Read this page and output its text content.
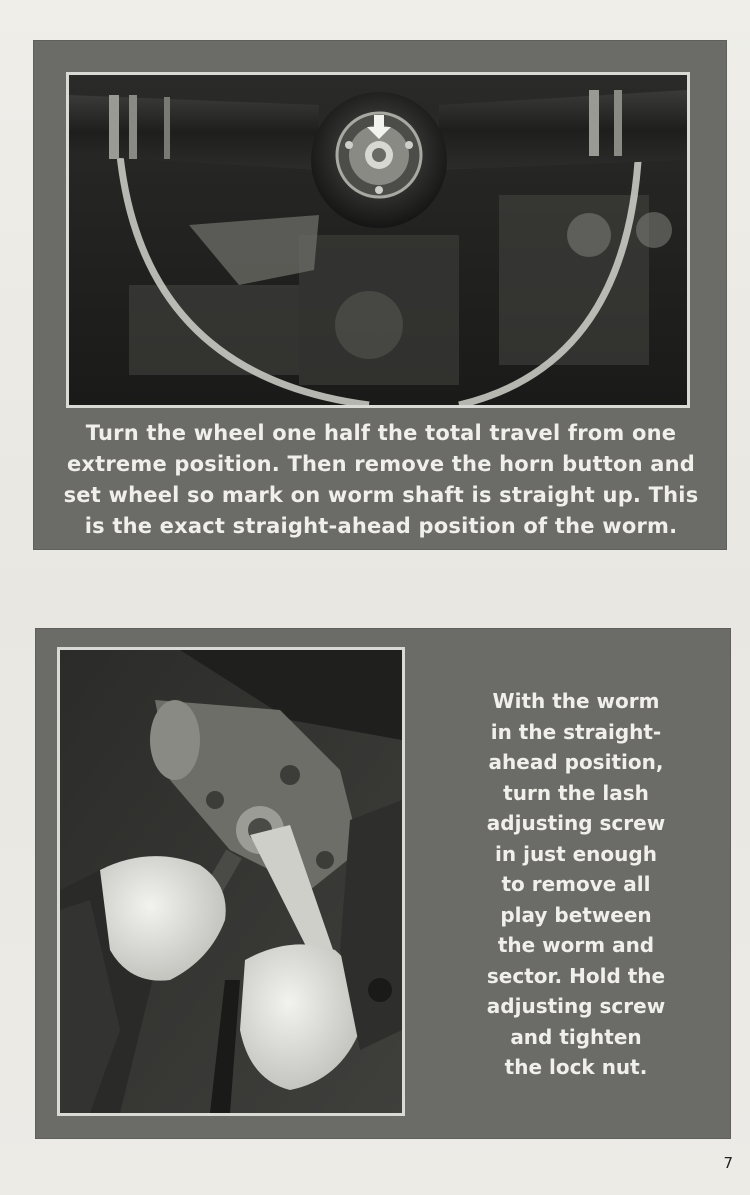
Turn the wheel one half the total travel from one
extreme position. Then remove the horn button and
set wheel so mark on worm shaft is straight up. This
is the exact straight-ahead position of the worm.
With the worm
in the straight-
ahead position,
turn the lash
adjusting screw
in just enough
to remove all
play between
the worm and
sector. Hold the
adjusting screw
and tighten
the lock nut.
7
